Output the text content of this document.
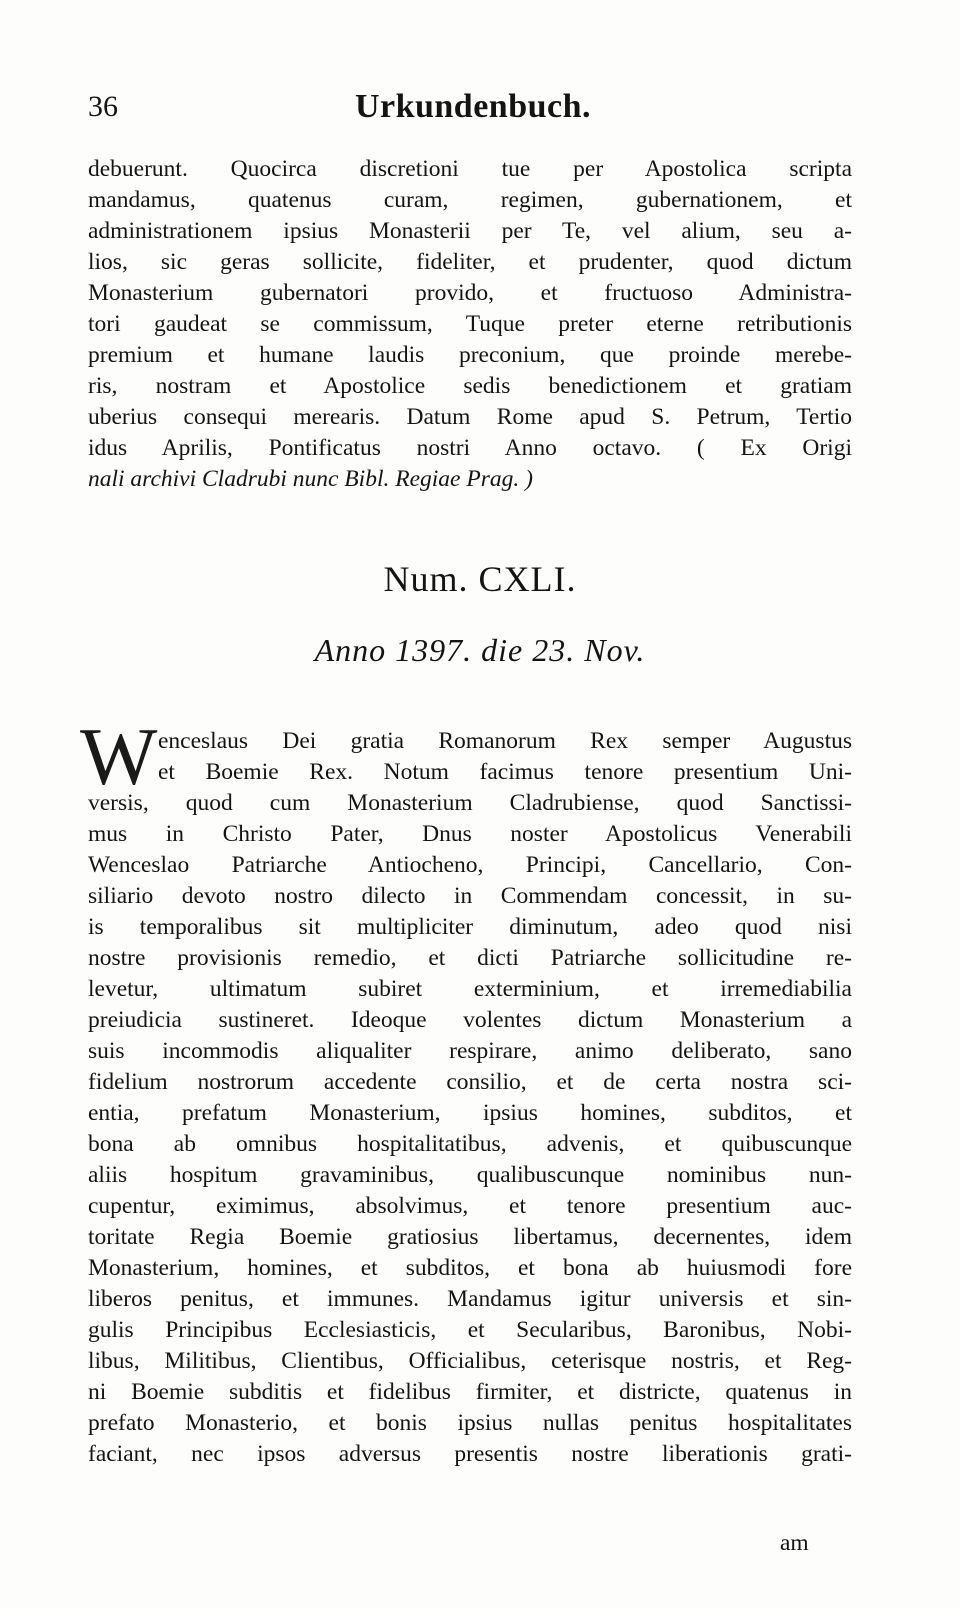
36	Urkundenbuch.
debuerunt. Quocirca discretioni tue per Apostolica scripta
mandamus, quatenus curam, regimen, gubernationem, et
administrationem ipsius Monasterii per Te, vel alium, seu a-
lios, sic geras sollicite, fideliter, et prudenter, quod dictum
Monasterium gubernatori provido, et fructuoso Administra-
tori gaudeat se commissum, Tuque preter eterne retributionis
premium et humane laudis preconium, que proinde merebe-
ris, nostram et Apostolice sedis benedictionem et gratiam
uberius consequi merearis. Datum Rome apud S. Petrum, Tertio
idus Aprilis, Pontificatus nostri Anno octavo. ( Ex Origi
nali archivi Cladrubi nunc Bibl. Regiae Prag. )
Num. CXLI.
Anno 1397. die 23. Nov.
W enceslaus Dei gratia Romanorum Rex semper Augustus
et Boemie Rex. Notum facimus tenore presentium Uni-
versis, quod cum Monasterium Cladrubiense, quod Sanctissi-
mus in Christo Pater, Dnus noster Apostolicus Venerabili
Wenceslao Patriarche Antiocheno, Principi, Cancellario, Con-
siliario devoto nostro dilecto in Commendam concessit, in su-
is temporalibus sit multipliciter diminutum, adeo quod nisi
nostre provisionis remedio, et dicti Patriarche sollicitudine re-
levetur, ultimatum subiret exterminium, et irremediabilia
preiudicia sustineret. Ideoque volentes dictum Monasterium a
suis incommodis aliqualiter respirare, animo deliberato, sano
fidelium nostrorum accedente consilio, et de certa nostra sci-
entia, prefatum Monasterium, ipsius homines, subditos, et
bona ab omnibus hospitalitatibus, advenis, et quibuscunque
aliis hospitum gravaminibus, qualibuscunque nominibus nun-
cupentur, eximimus, absolvimus, et tenore presentium auc-
toritate Regia Boemie gratiosius libertamus, decernentes, idem
Monasterium, homines, et subditos, et bona ab huiusmodi fore
liberos penitus, et immunes. Mandamus igitur universis et sin-
gulis Principibus Ecclesiasticis, et Secularibus, Baronibus, Nobi-
libus, Militibus, Clientibus, Officialibus, ceterisque nostris, et Reg-
ni Boemie subditis et fidelibus firmiter, et districte, quatenus in
prefato Monasterio, et bonis ipsius nullas penitus hospitalitates
faciant, nec ipsos adversus presentis nostre liberationis grati-
am
